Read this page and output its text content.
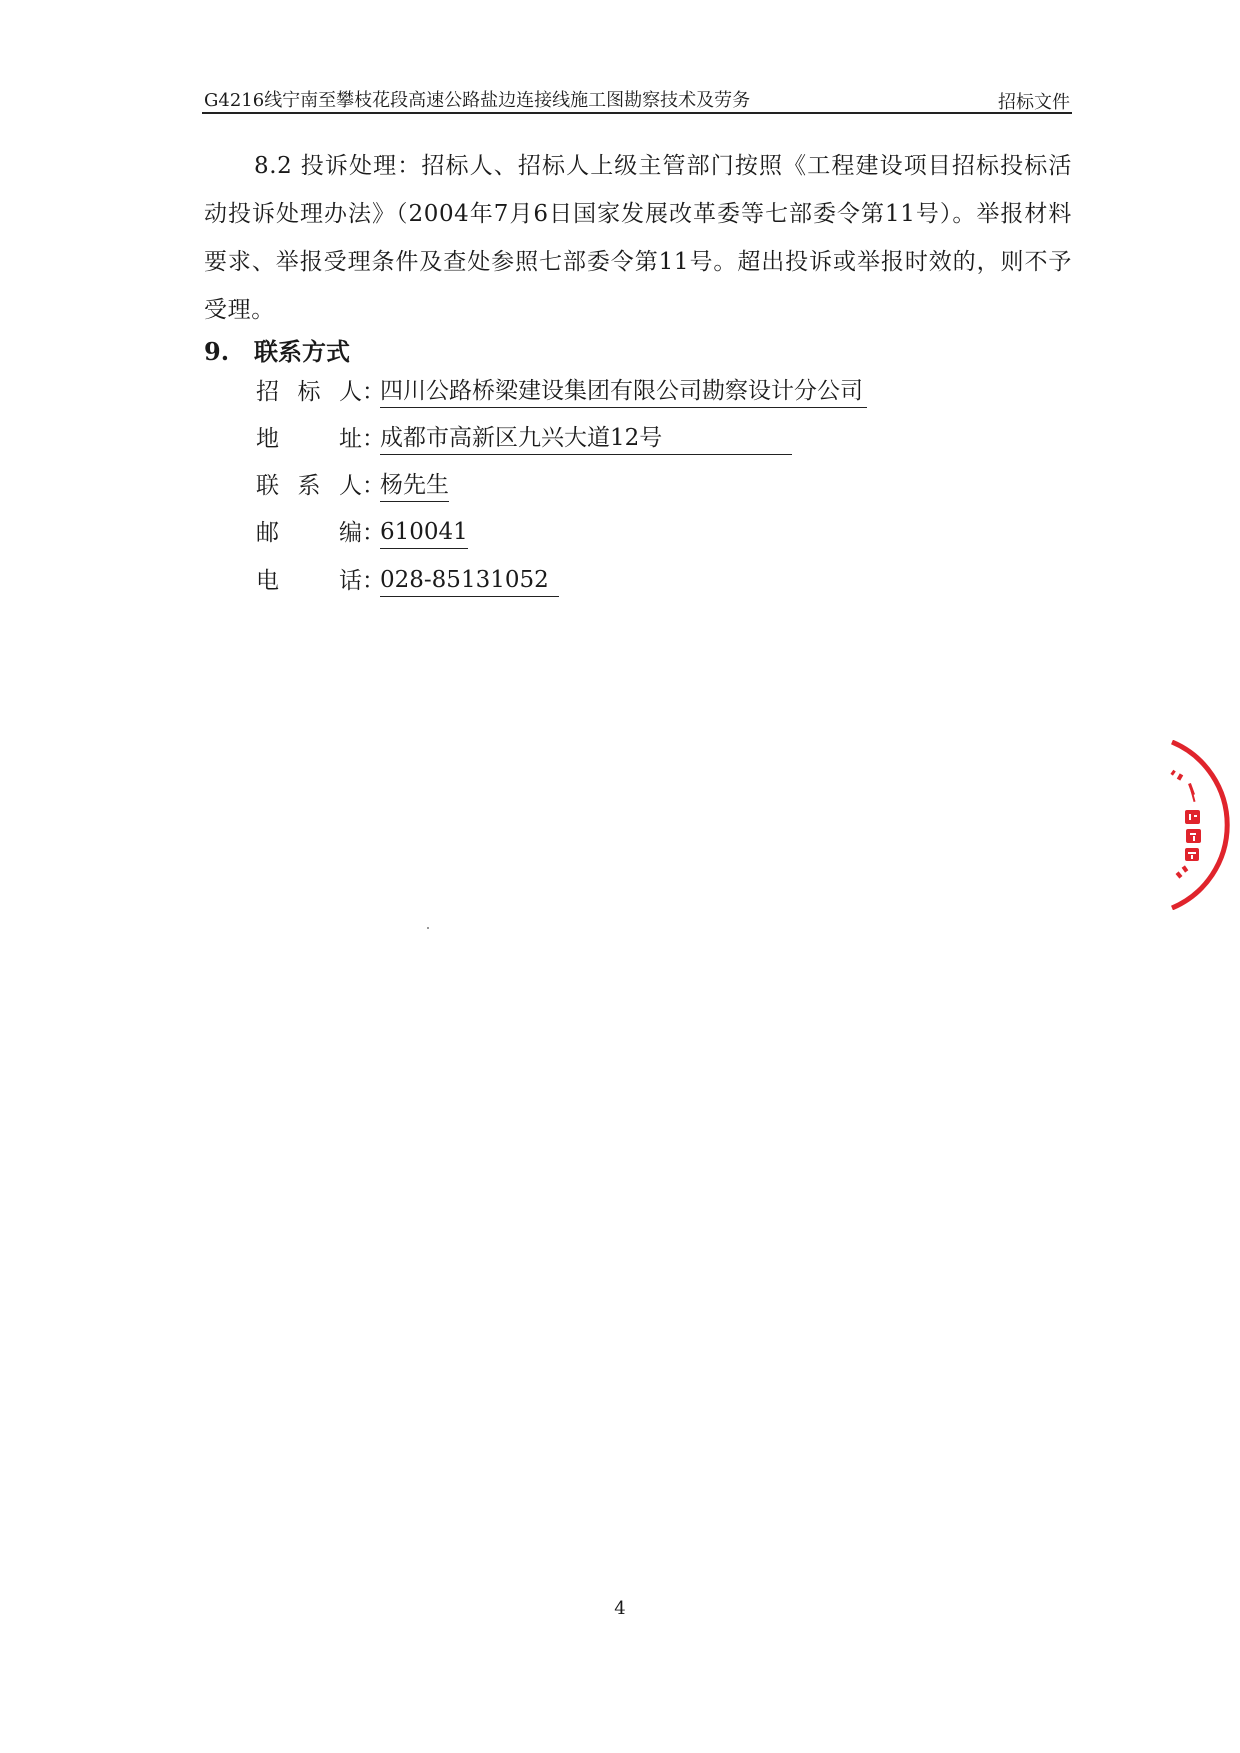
G4216线宁南至攀枝花段高速公路盐边连接线施工图勘察技术及劳务	招标文件
8.2 投诉处理：招标人、招标人上级主管部门按照《工程建设项目招标投标活动投诉处理办法》（2004年7月6日国家发展改革委等七部委令第11号）。举报材料要求、举报受理条件及查处参照七部委令第11号。超出投诉或举报时效的，则不予受理。
9. 联系方式
招标人：四川公路桥梁建设集团有限公司勘察设计分公司
地址：成都市高新区九兴大道12号
联系人：杨先生
邮编：610041
电话：028-85131052
4
